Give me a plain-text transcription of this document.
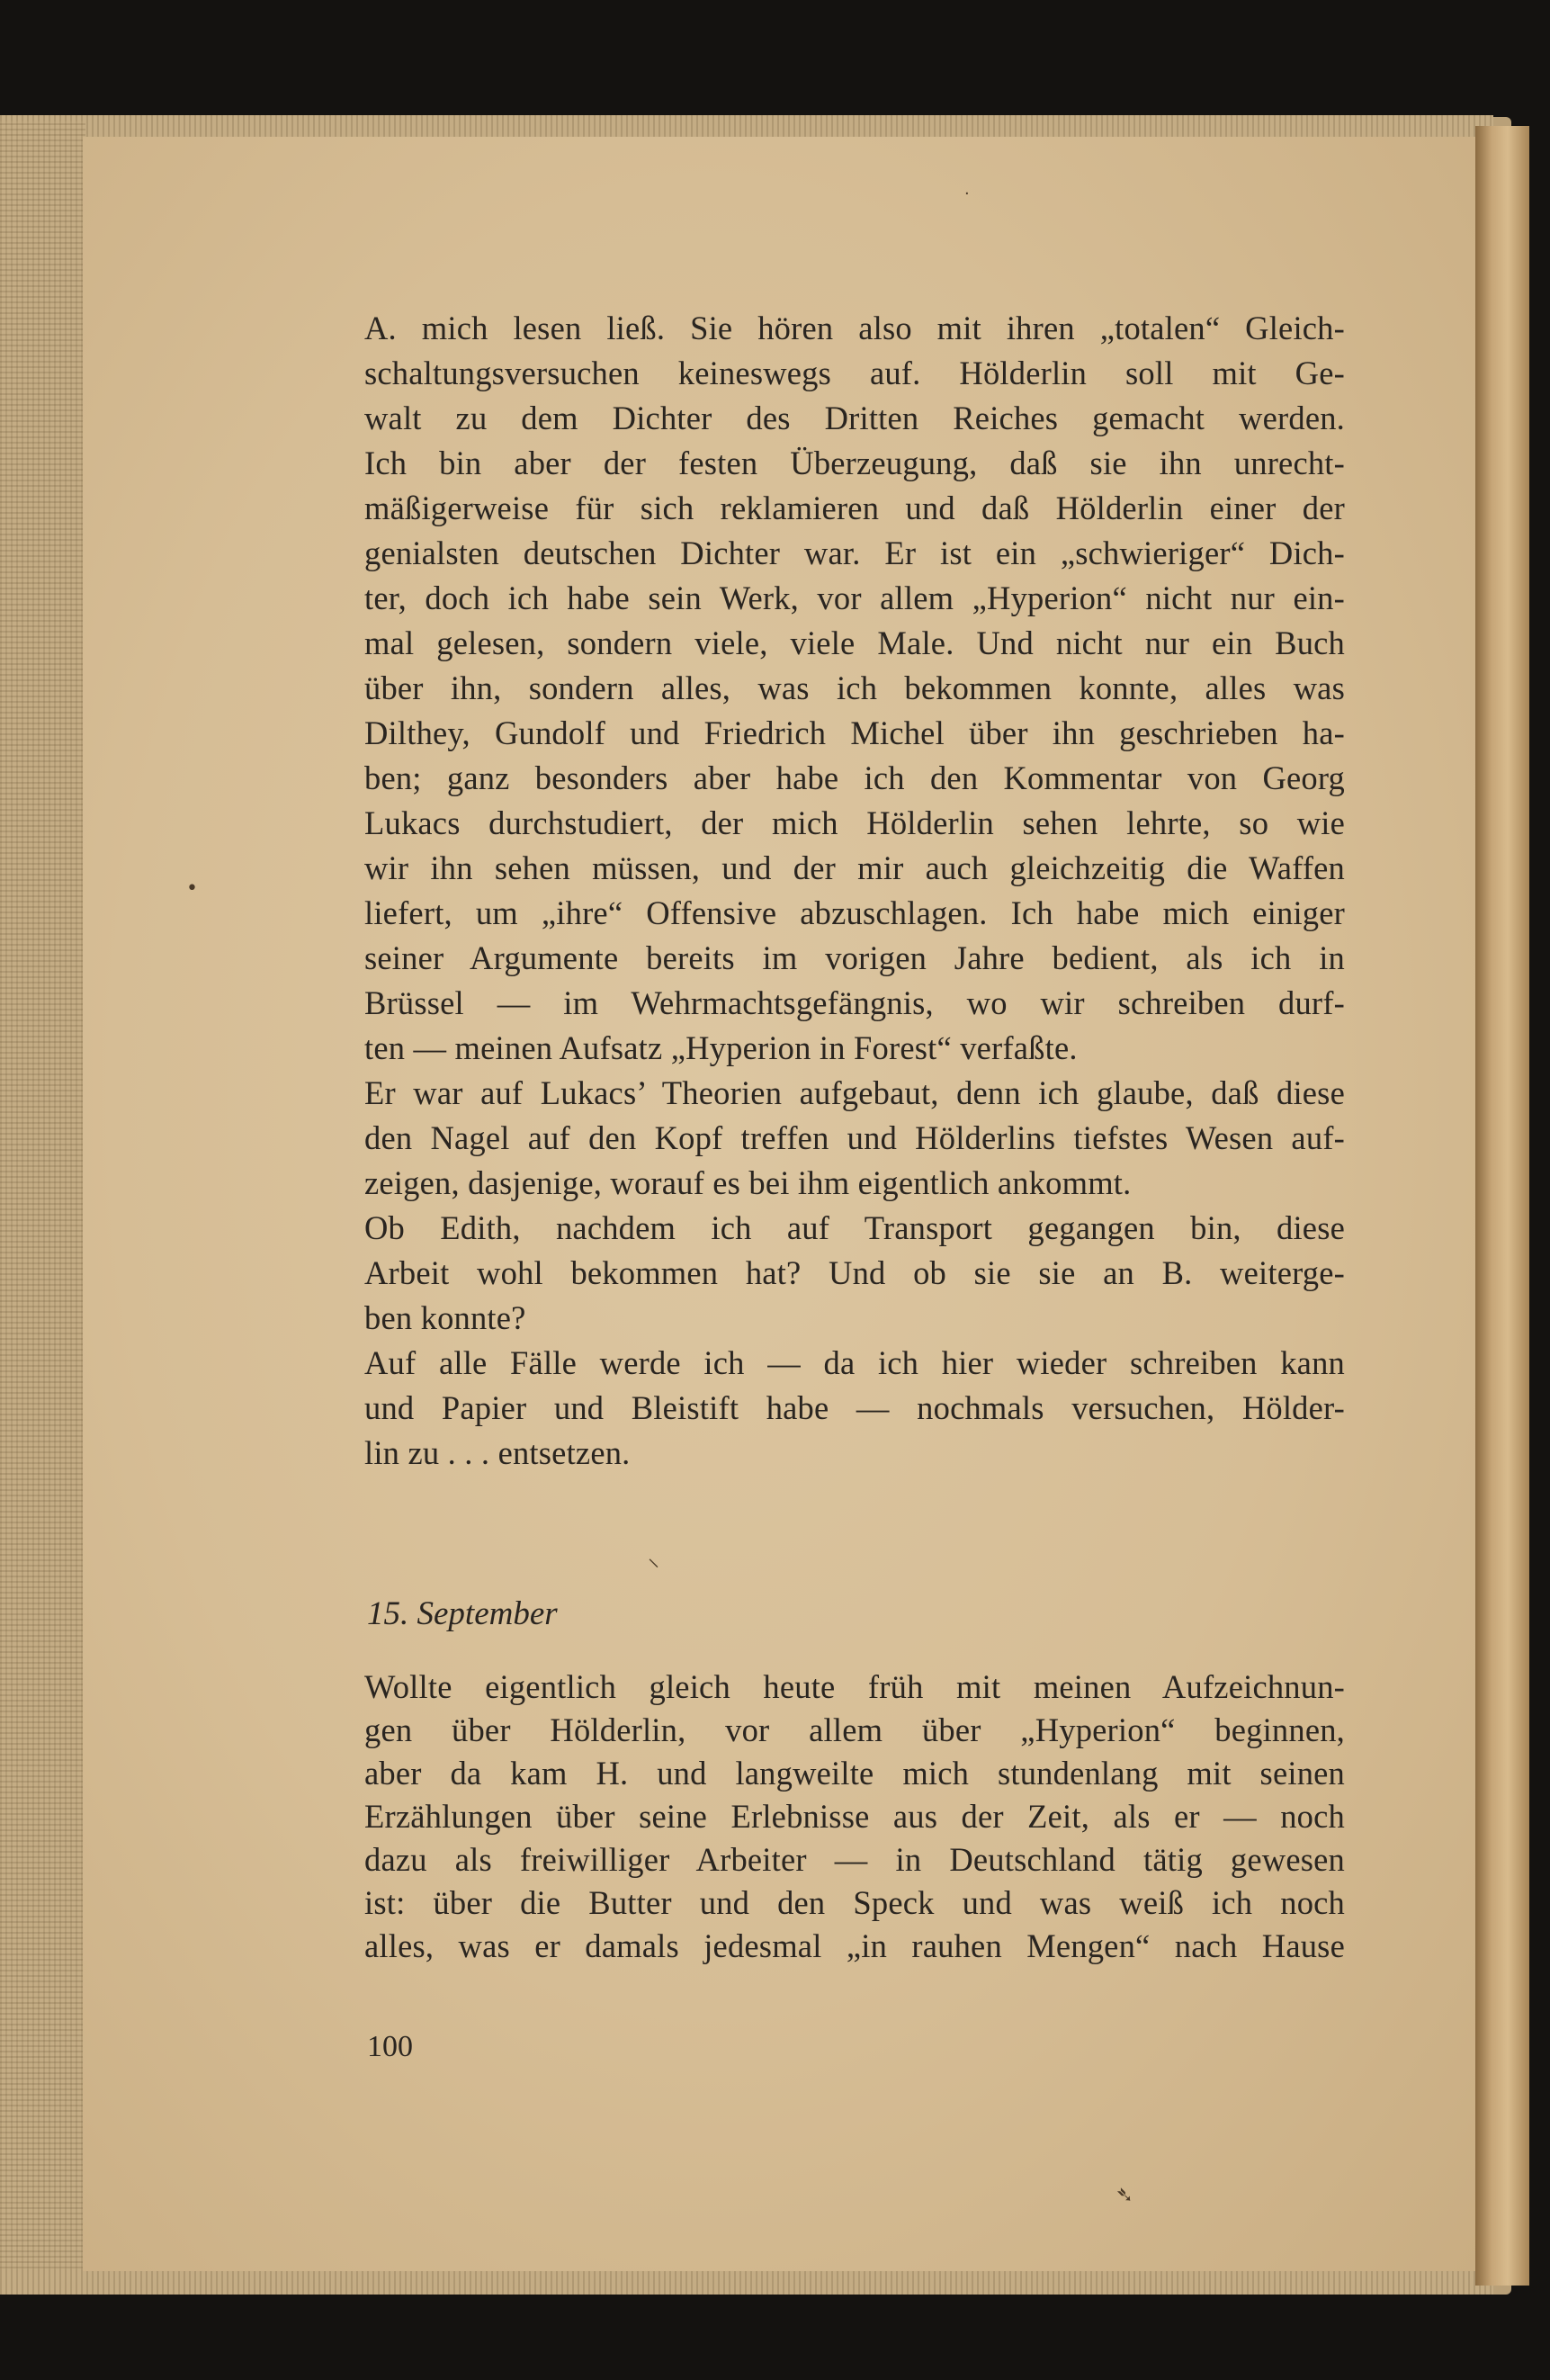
·
•
⸜
➴
A. mich lesen ließ. Sie hören also mit ihren „totalen“ Gleich-
schaltungsversuchen keineswegs auf. Hölderlin soll mit Ge-
walt zu dem Dichter des Dritten Reiches gemacht werden.
Ich bin aber der festen Überzeugung, daß sie ihn unrecht-
mäßigerweise für sich reklamieren und daß Hölderlin einer der
genialsten deutschen Dichter war. Er ist ein „schwieriger“ Dich-
ter, doch ich habe sein Werk, vor allem „Hyperion“ nicht nur ein-
mal gelesen, sondern viele, viele Male. Und nicht nur ein Buch
über ihn, sondern alles, was ich bekommen konnte, alles was
Dilthey, Gundolf und Friedrich Michel über ihn geschrieben ha-
ben; ganz besonders aber habe ich den Kommentar von Georg
Lukacs durchstudiert, der mich Hölderlin sehen lehrte, so wie
wir ihn sehen müssen, und der mir auch gleichzeitig die Waffen
liefert, um „ihre“ Offensive abzuschlagen. Ich habe mich einiger
seiner Argumente bereits im vorigen Jahre bedient, als ich in
Brüssel — im Wehrmachtsgefängnis, wo wir schreiben durf-
ten — meinen Aufsatz „Hyperion in Forest“ verfaßte.
Er war auf Lukacs’ Theorien aufgebaut, denn ich glaube, daß diese
den Nagel auf den Kopf treffen und Hölderlins tiefstes Wesen auf-
zeigen, dasjenige, worauf es bei ihm eigentlich ankommt.
Ob Edith, nachdem ich auf Transport gegangen bin, diese
Arbeit wohl bekommen hat? Und ob sie sie an B. weiterge-
ben konnte?
Auf alle Fälle werde ich — da ich hier wieder schreiben kann
und Papier und Bleistift habe — nochmals versuchen, Hölder-
lin zu . . . entsetzen.
15. September
Wollte eigentlich gleich heute früh mit meinen Aufzeichnun-
gen über Hölderlin, vor allem über „Hyperion“ beginnen,
aber da kam H. und langweilte mich stundenlang mit seinen
Erzählungen über seine Erlebnisse aus der Zeit, als er — noch
dazu als freiwilliger Arbeiter — in Deutschland tätig gewesen
ist: über die Butter und den Speck und was weiß ich noch
alles, was er damals jedesmal „in rauhen Mengen“ nach Hause
100
